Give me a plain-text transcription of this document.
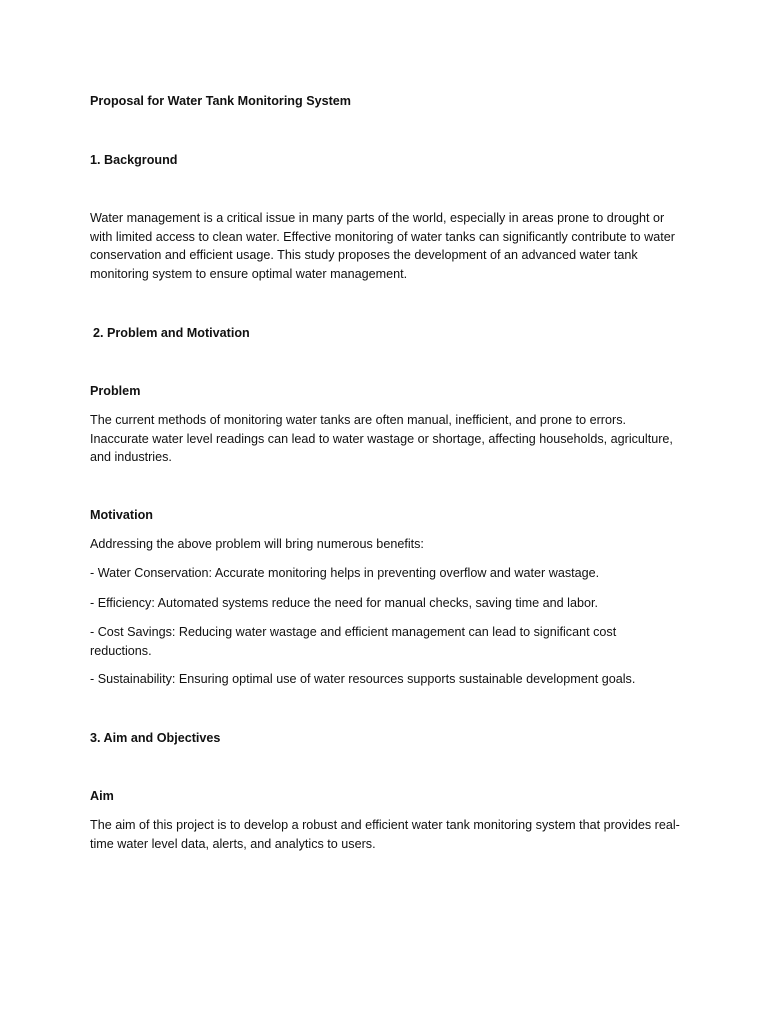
Proposal for Water Tank Monitoring System

1. Background

Water management is a critical issue in many parts of the world, especially in areas prone to drought or with limited access to clean water. Effective monitoring of water tanks can significantly contribute to water conservation and efficient usage. This study proposes the development of an advanced water tank monitoring system to ensure optimal water management.

2. Problem and Motivation

Problem

The current methods of monitoring water tanks are often manual, inefficient, and prone to errors. Inaccurate water level readings can lead to water wastage or shortage, affecting households, agriculture, and industries.

Motivation

Addressing the above problem will bring numerous benefits:

- Water Conservation: Accurate monitoring helps in preventing overflow and water wastage.

- Efficiency: Automated systems reduce the need for manual checks, saving time and labor.

- Cost Savings: Reducing water wastage and efficient management can lead to significant cost reductions.

- Sustainability: Ensuring optimal use of water resources supports sustainable development goals.

3. Aim and Objectives

Aim

The aim of this project is to develop a robust and efficient water tank monitoring system that provides real-time water level data, alerts, and analytics to users.
